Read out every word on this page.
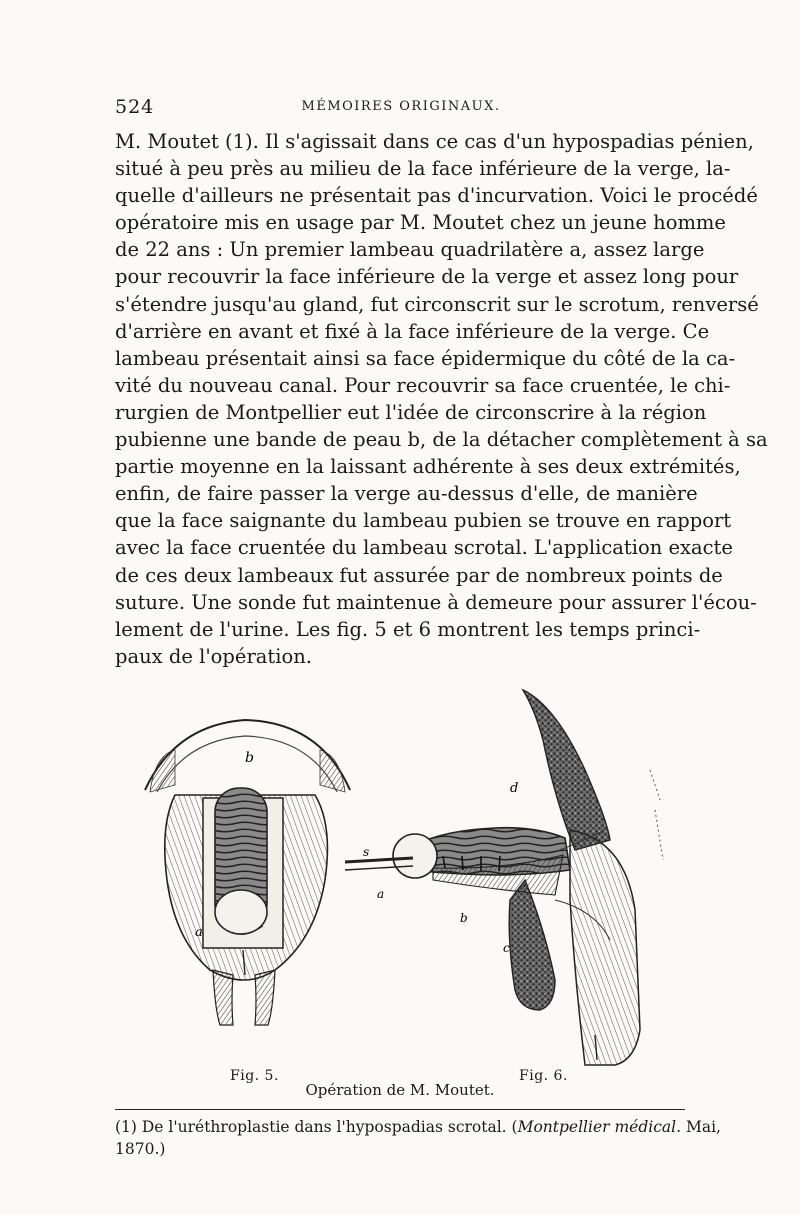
524	MÉMOIRES ORIGINAUX.
M. Moutet (1). Il s'agissait dans ce cas d'un hypospadias pénien,
situé à peu près au milieu de la face inférieure de la verge, la-
quelle d'ailleurs ne présentait pas d'incurvation. Voici le procédé
opératoire mis en usage par M. Moutet chez un jeune homme
de 22 ans : Un premier lambeau quadrilatère a, assez large
pour recouvrir la face inférieure de la verge et assez long pour
s'étendre jusqu'au gland, fut circonscrit sur le scrotum, renversé
d'arrière en avant et fixé à la face inférieure de la verge. Ce
lambeau présentait ainsi sa face épidermique du côté de la ca-
vité du nouveau canal. Pour recouvrir sa face cruentée, le chi-
rurgien de Montpellier eut l'idée de circonscrire à la région
pubienne une bande de peau b, de la détacher complètement à sa
partie moyenne en la laissant adhérente à ses deux extrémités,
enfin, de faire passer la verge au-dessus d'elle, de manière
que la face saignante du lambeau pubien se trouve en rapport
avec la face cruentée du lambeau scrotal. L'application exacte
de ces deux lambeaux fut assurée par de nombreux points de
suture. Une sonde fut maintenue à demeure pour assurer l'écou-
lement de l'urine. Les fig. 5 et 6 montrent les temps princi-
paux de l'opération.
b
a
s
a
b
c
d
Fig. 5.	Fig. 6.
Opération de M. Moutet.
(1) De l'uréthroplastie dans l'hypospadias scrotal. (Montpellier médical. Mai,
1870.)
